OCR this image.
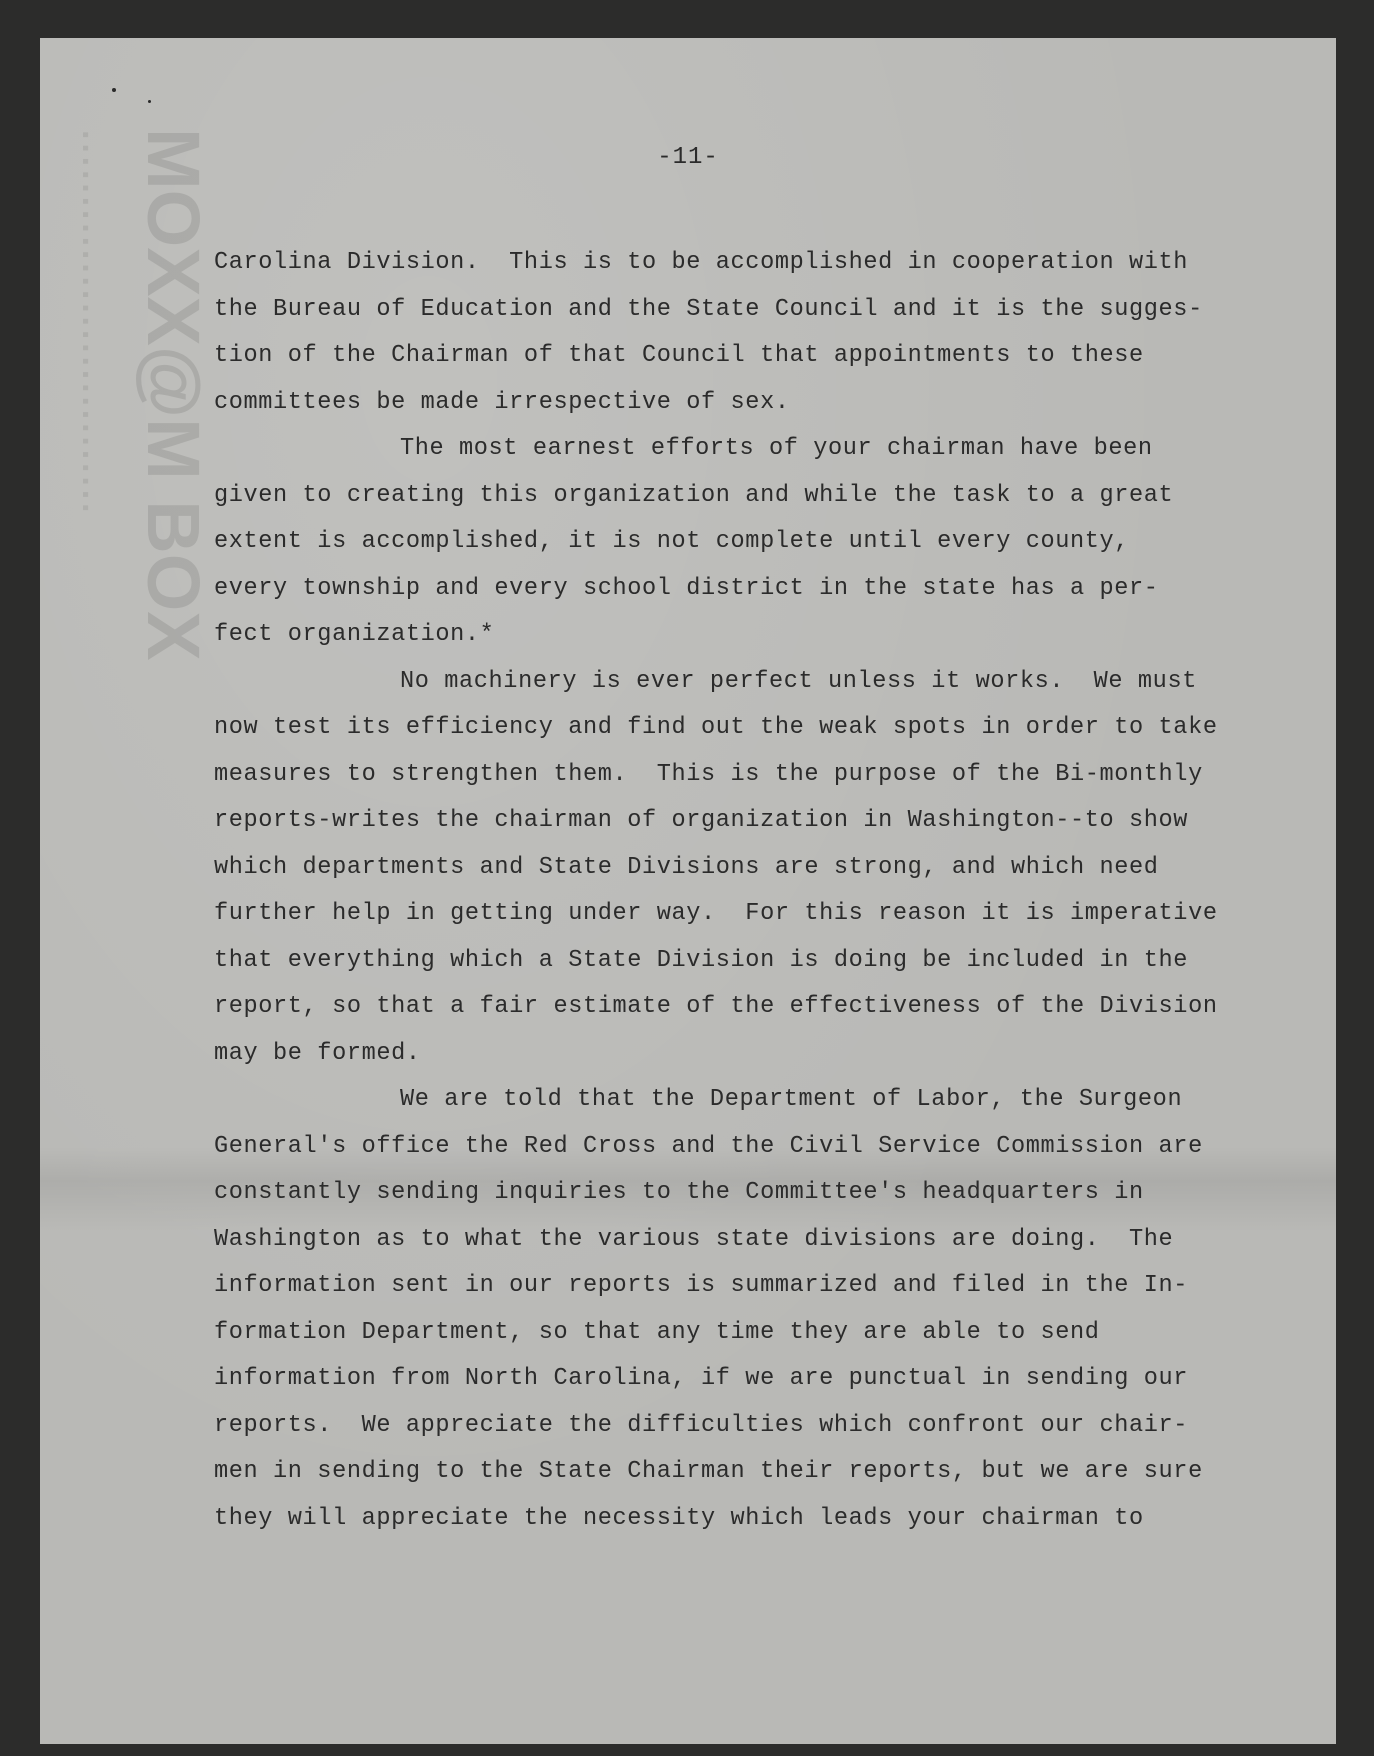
MOXX@M BOX
·····························	-11-
Carolina Division.  This is to be accomplished in cooperation with
the Bureau of Education and the State Council and it is the sugges-
tion of the Chairman of that Council that appointments to these
committees be made irrespective of sex.
The most earnest efforts of your chairman have been
given to creating this organization and while the task to a great
extent is accomplished, it is not complete until every county,
every township and every school district in the state has a per-
fect organization.*
No machinery is ever perfect unless it works.  We must
now test its efficiency and find out the weak spots in order to take
measures to strengthen them.  This is the purpose of the Bi-monthly
reports-writes the chairman of organization in Washington--to show
which departments and State Divisions are strong, and which need
further help in getting under way.  For this reason it is imperative
that everything which a State Division is doing be included in the
report, so that a fair estimate of the effectiveness of the Division
may be formed.
We are told that the Department of Labor, the Surgeon
General's office the Red Cross and the Civil Service Commission are
constantly sending inquiries to the Committee's headquarters in
Washington as to what the various state divisions are doing.  The
information sent in our reports is summarized and filed in the In-
formation Department, so that any time they are able to send
information from North Carolina, if we are punctual in sending our
reports.  We appreciate the difficulties which confront our chair-
men in sending to the State Chairman their reports, but we are sure
they will appreciate the necessity which leads your chairman to
